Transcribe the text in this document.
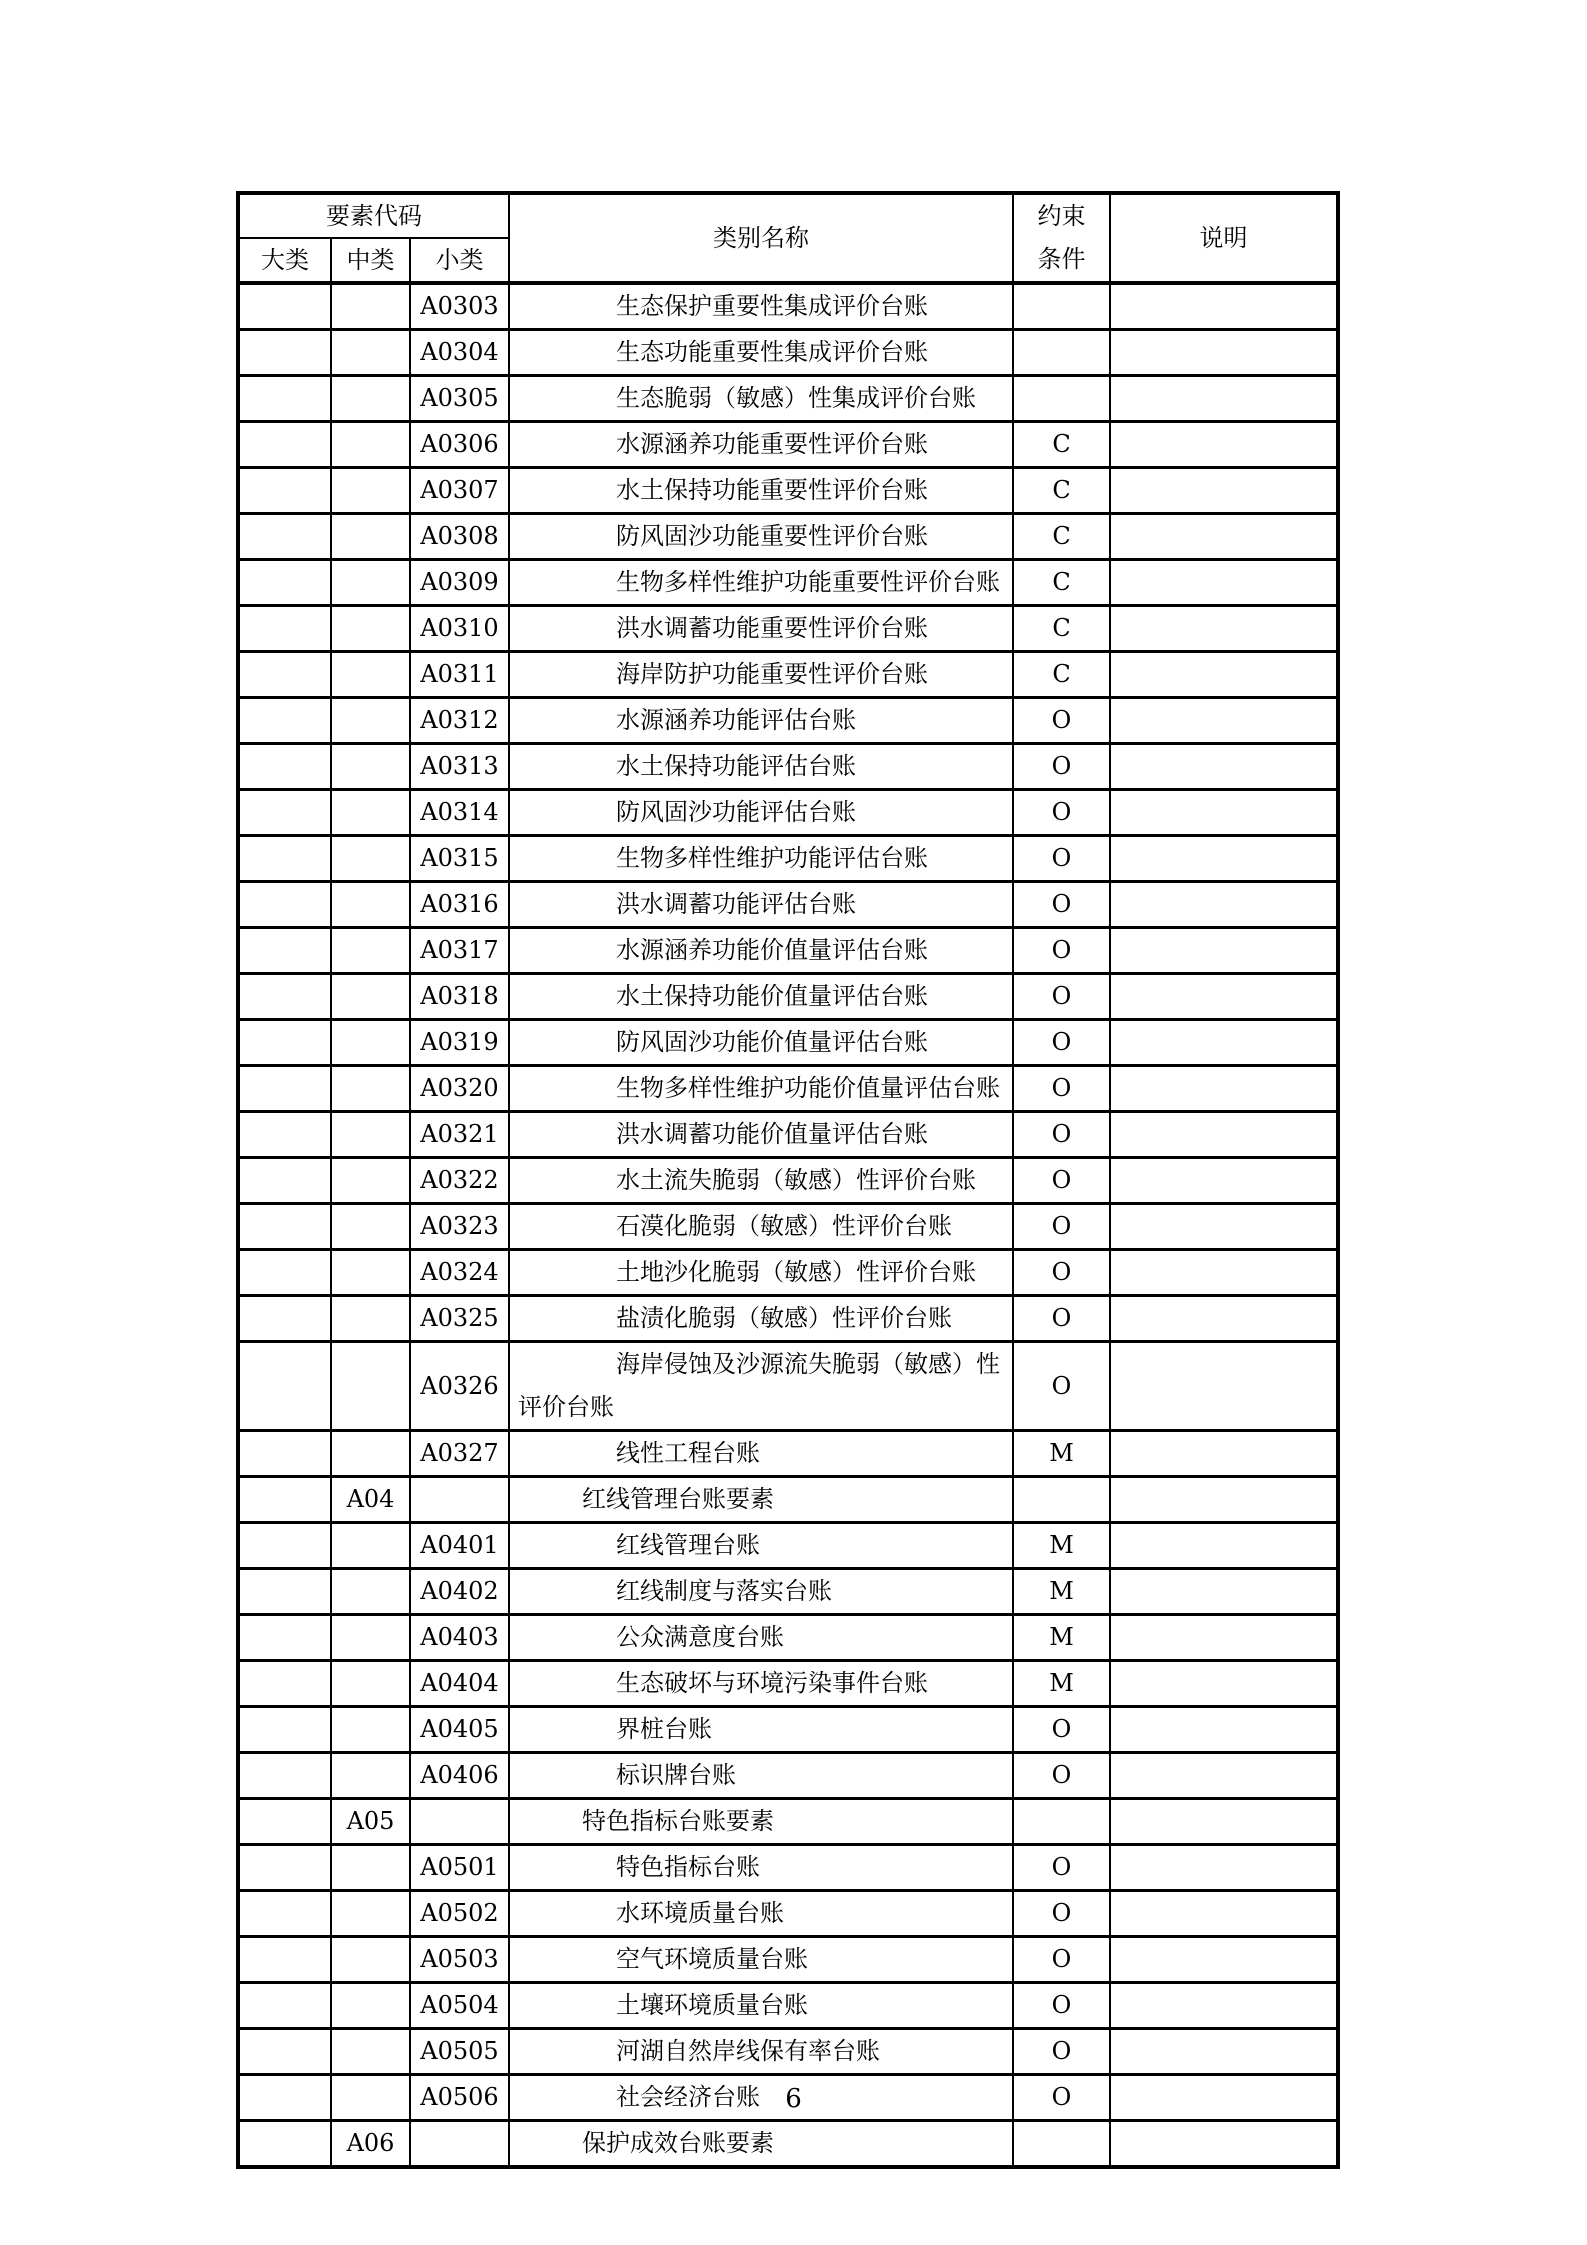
要素代码			类别名称	约束条件	说明
大类	中类	小类			
		A0303	生态保护重要性集成评价台账		

		A0304	生态功能重要性集成评价台账		

		A0305	生态脆弱（敏感）性集成评价台账		

		A0306	水源涵养功能重要性评价台账	C	
		A0307	水土保持功能重要性评价台账	C	
		A0308	防风固沙功能重要性评价台账	C	
		A0309	生物多样性维护功能重要性评价台账	C	
		A0310	洪水调蓄功能重要性评价台账	C	
		A0311	海岸防护功能重要性评价台账	C	
		A0312	水源涵养功能评估台账	O	
		A0313	水土保持功能评估台账	O	
		A0314	防风固沙功能评估台账	O	
		A0315	生物多样性维护功能评估台账	O	
		A0316	洪水调蓄功能评估台账	O	
		A0317	水源涵养功能价值量评估台账	O	
		A0318	水土保持功能价值量评估台账	O	
		A0319	防风固沙功能价值量评估台账	O	
		A0320	生物多样性维护功能价值量评估台账	O	
		A0321	洪水调蓄功能价值量评估台账	O	
		A0322	水土流失脆弱（敏感）性评价台账	O	
		A0323	石漠化脆弱（敏感）性评价台账	O	
		A0324	土地沙化脆弱（敏感）性评价台账	O	
		A0325	盐渍化脆弱（敏感）性评价台账	O	
		A0326	海岸侵蚀及沙源流失脆弱（敏感）性评价台账	O	
		A0327	线性工程台账	M	
	A04		红线管理台账要素		

		A0401	红线管理台账	M	
		A0402	红线制度与落实台账	M	
		A0403	公众满意度台账	M	
		A0404	生态破坏与环境污染事件台账	M	
		A0405	界桩台账	O	
		A0406	标识牌台账	O	
	A05		特色指标台账要素		

		A0501	特色指标台账	O	
		A0502	水环境质量台账	O	
		A0503	空气环境质量台账	O	
		A0504	土壤环境质量台账	O	
		A0505	河湖自然岸线保有率台账	O	
		A0506	社会经济台账	O	
	A06		保护成效台账要素		

6
